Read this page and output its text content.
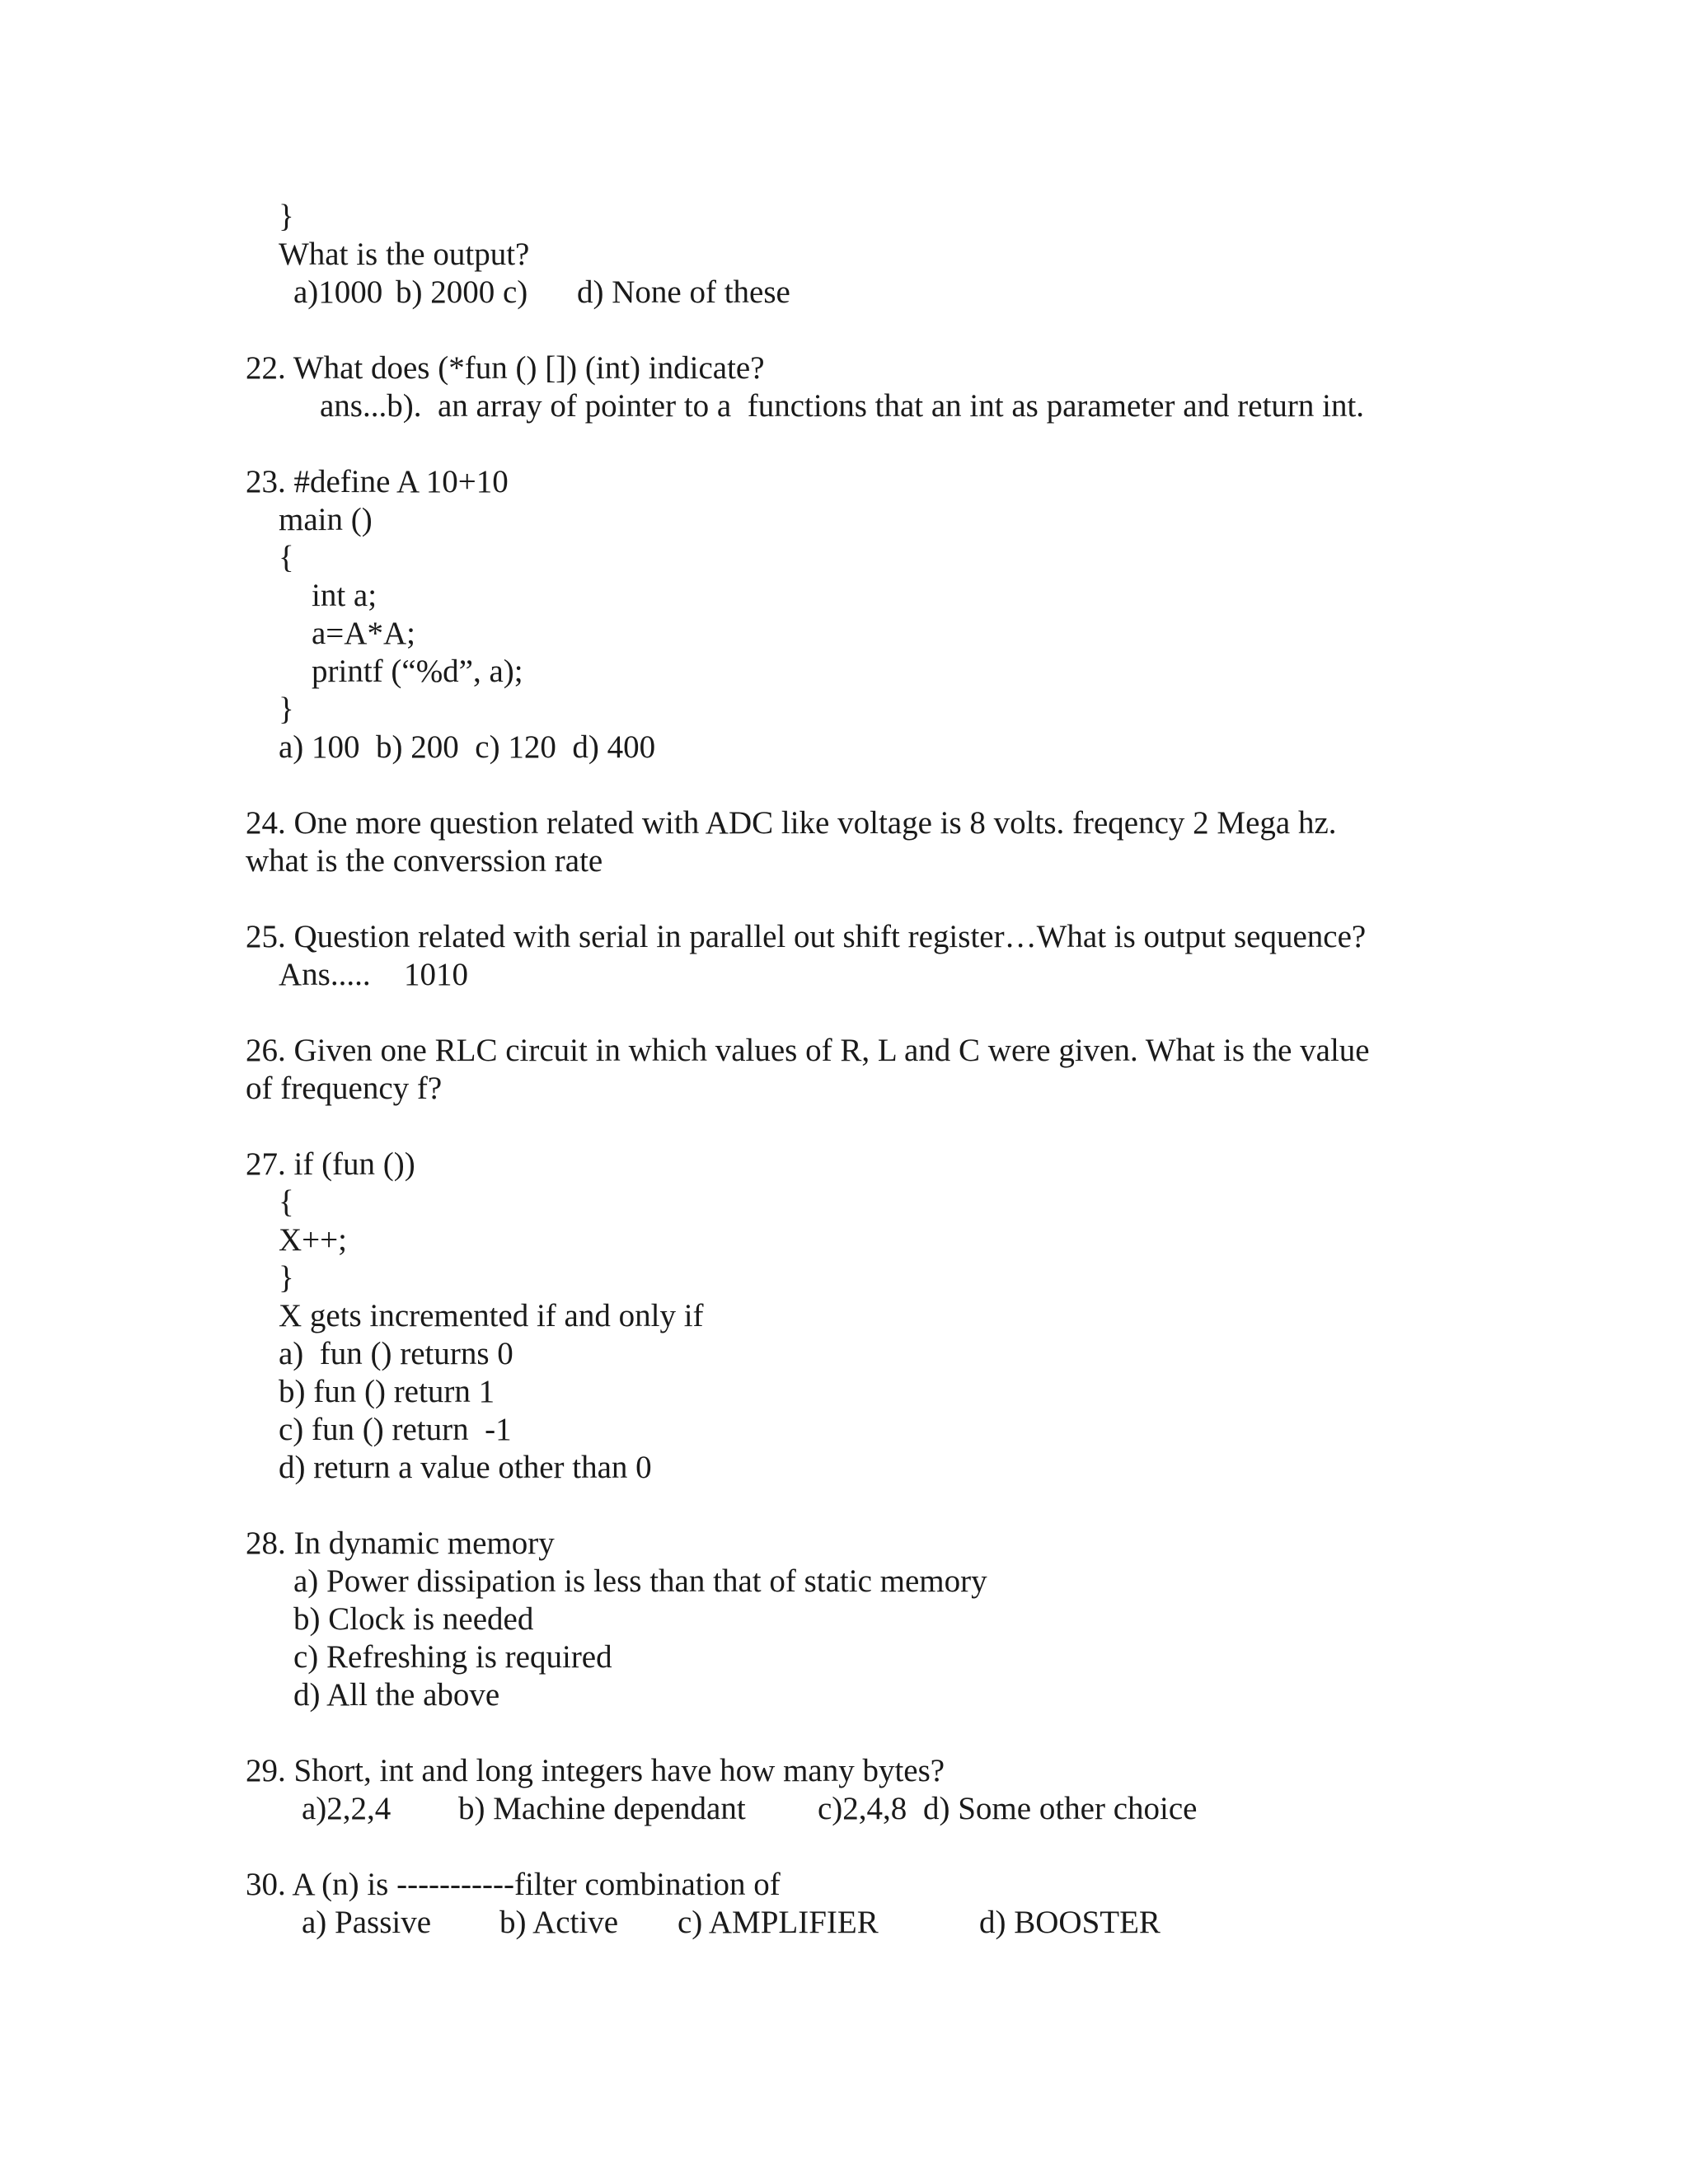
}
What is the output?
a)1000 b) 2000 c) d) None of these
22. What does (*fun () []) (int) indicate?
ans...b).  an array of pointer to a  functions that an int as parameter and return int.
23. #define A 10+10
main ()
{
int a;
a=A*A;
printf (“%d”, a);
}
a) 100  b) 200  c) 120  d) 400
24. One more question related with ADC like voltage is 8 volts. freqency 2 Mega hz.
what is the converssion rate
25. Question related with serial in parallel out shift register…What is output sequence?
Ans..... 1010
26. Given one RLC circuit in which values of R, L and C were given. What is the value
of frequency f?
27. if (fun ())
{
X++;
}
X gets incremented if and only if
a)  fun () returns 0
b) fun () return 1
c) fun () return  -1
d) return a value other than 0
28. In dynamic memory
a) Power dissipation is less than that of static memory
b) Clock is needed
c) Refreshing is required
d) All the above
29. Short, int and long integers have how many bytes?
a)2,2,4 b) Machine dependant c)2,4,8 d) Some other choice
30. A (n) is -----------filter combination of
a) Passive b) Active c) AMPLIFIER	d) BOOSTER
